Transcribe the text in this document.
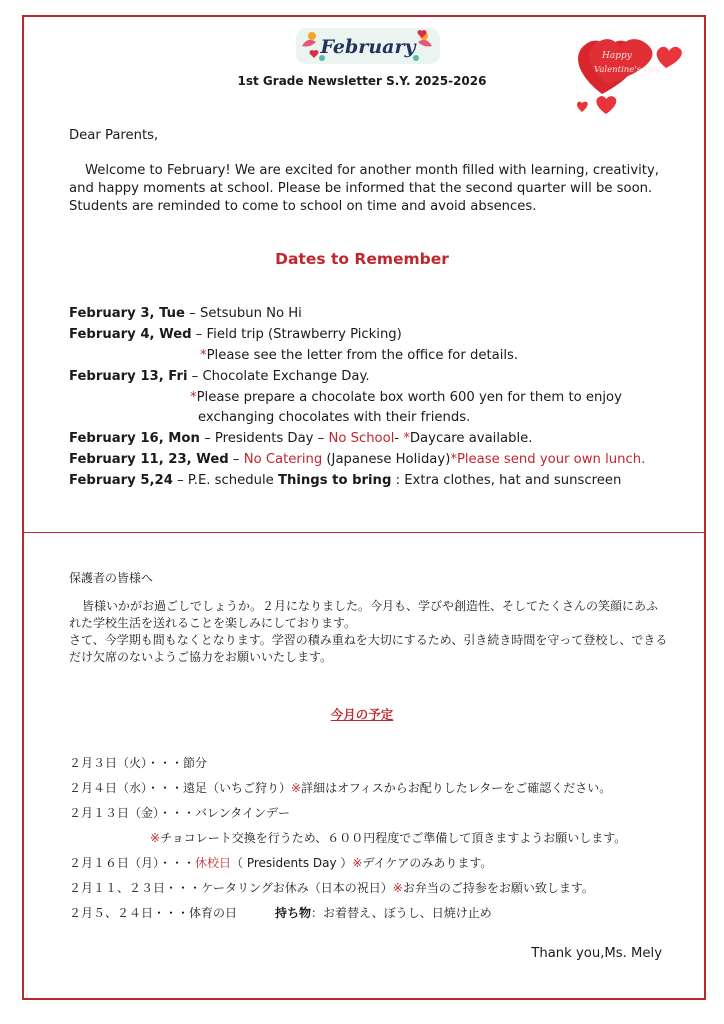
February	Happy
Valentine's Day
1st Grade Newsletter S.Y. 2025-2026
Dear Parents,
Welcome to February! We are excited for another month filled with learning, creativity, and happy moments at school. Please be informed that the second quarter will be soon. Students are reminded to come to school on time and avoid absences.
Dates to Remember
February 3, Tue – Setsubun No Hi
February 4, Wed – Field trip (Strawberry Picking)
*Please see the letter from the office for details.
February 13, Fri – Chocolate Exchange Day.
*Please prepare a chocolate box worth 600 yen for them to enjoy
exchanging chocolates with their friends.
February 16, Mon – Presidents Day – No School- *Daycare available.
February 11, 23, Wed – No Catering (Japanese Holiday)*Please send your own lunch.
February 5,24 – P.E. schedule Things to bring : Extra clothes, hat and sunscreen
保護者の皆様へ

皆様いかがお過ごしでしょうか。２月になりました。今月も、学びや創造性、そしてたくさんの笑顔にあふれた学校生活を送れることを楽しみにしております。

さて、今学期も間もなくとなります。学習の積み重ねを大切にするため、引き続き時間を守って登校し、できるだけ欠席のないようご協力をお願いいたします。

今月の予定
２月３日（火）・・・節分
２月４日（水）・・・遠足（いちご狩り）※詳細はオフィスからお配りしたレターをご確認ください。
２月１３日（金）・・・バレンタインデー
※チョコレート交換を行うため、６００円程度でご準備して頂きますようお願いします。
２月１６日（月）・・・休校日（ Presidents Day ）※デイケアのみあります。
２月１１、２３日・・・ケータリングお休み（日本の祝日）※お弁当のご持参をお願い致します。
２月５、２４日・・・体育の日	持ち物：お着替え、ぼうし、日焼け止め
Thank you,Ms. Mely
